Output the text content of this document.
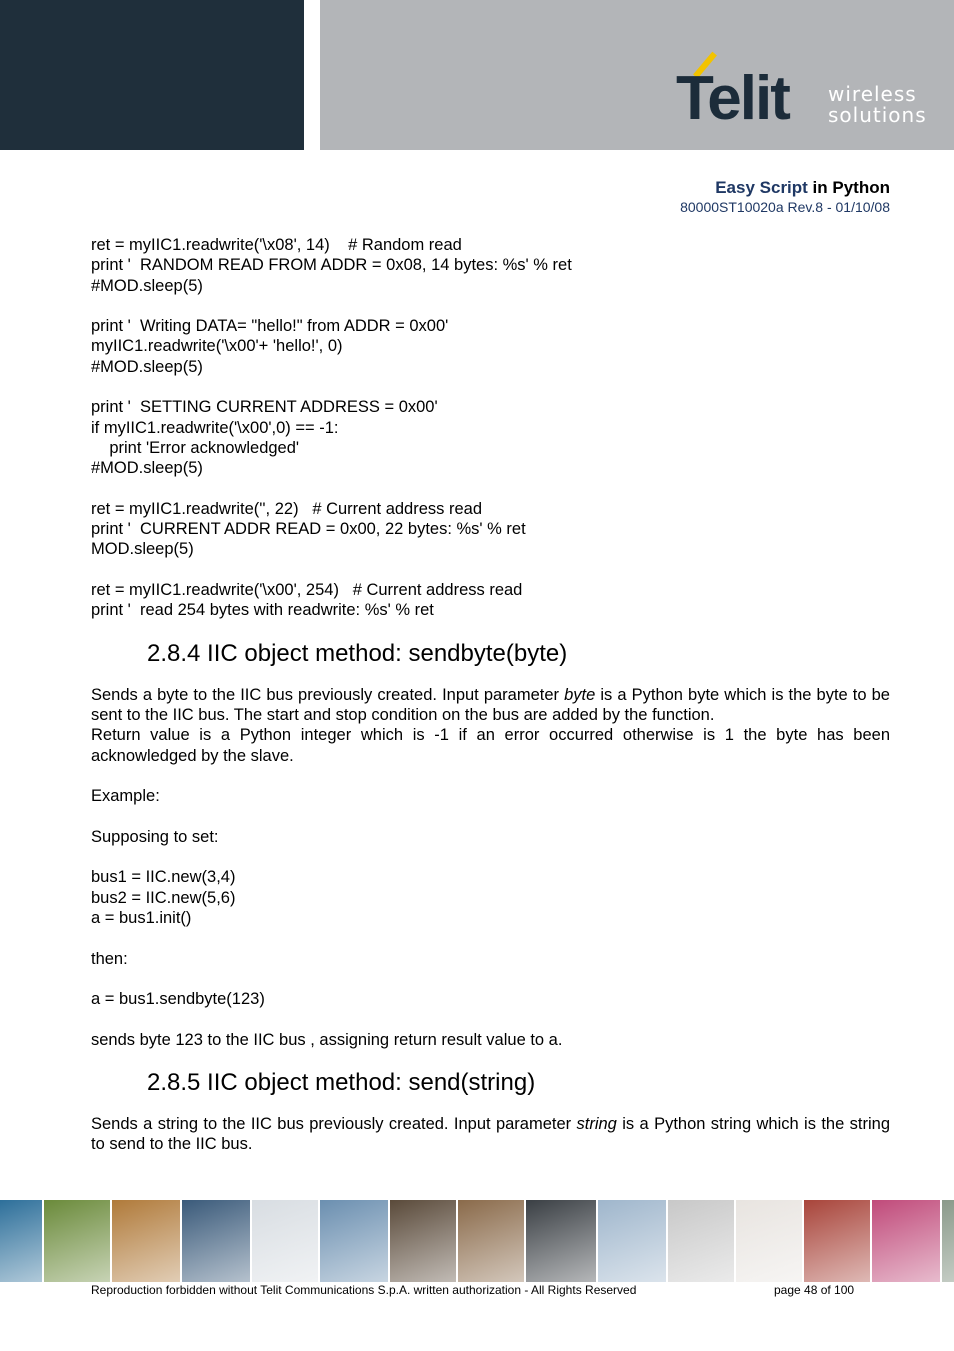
Telit wireless
solutions
Easy Script in Python
80000ST10020a Rev.8 - 01/10/08
ret = myIIC1.readwrite('\x08', 14)    # Random read
print '  RANDOM READ FROM ADDR = 0x08, 14 bytes: %s' % ret
#MOD.sleep(5)
print '  Writing DATA= "hello!" from ADDR = 0x00'
myIIC1.readwrite('\x00'+ 'hello!', 0)
#MOD.sleep(5)
print '  SETTING CURRENT ADDRESS = 0x00'
if myIIC1.readwrite('\x00',0) == -1:
print 'Error acknowledged'
#MOD.sleep(5)
ret = myIIC1.readwrite('', 22)   # Current address read
print '  CURRENT ADDR READ = 0x00, 22 bytes: %s' % ret
MOD.sleep(5)
ret = myIIC1.readwrite('\x00', 254)   # Current address read
print '  read 254 bytes with readwrite: %s' % ret
2.8.4 IIC object method: sendbyte(byte)
Sends a byte to the IIC bus previously created. Input parameter byte is a Python byte which is the byte to be sent to the IIC bus. The start and stop condition on the bus are added by the function.
Return value is a Python integer which is -1 if an error occurred otherwise is 1 the byte has been acknowledged by the slave.
Example:
Supposing to set:
bus1 = IIC.new(3,4)
bus2 = IIC.new(5,6)
a = bus1.init()
then:
a = bus1.sendbyte(123)
sends byte 123 to the IIC bus , assigning return result value to a.
2.8.5 IIC object method: send(string)
Sends a string to the IIC bus previously created. Input parameter string is a Python string which is the string to send to the IIC bus.
Reproduction forbidden without Telit Communications S.p.A. written authorization - All Rights Reserved	page 48 of 100
